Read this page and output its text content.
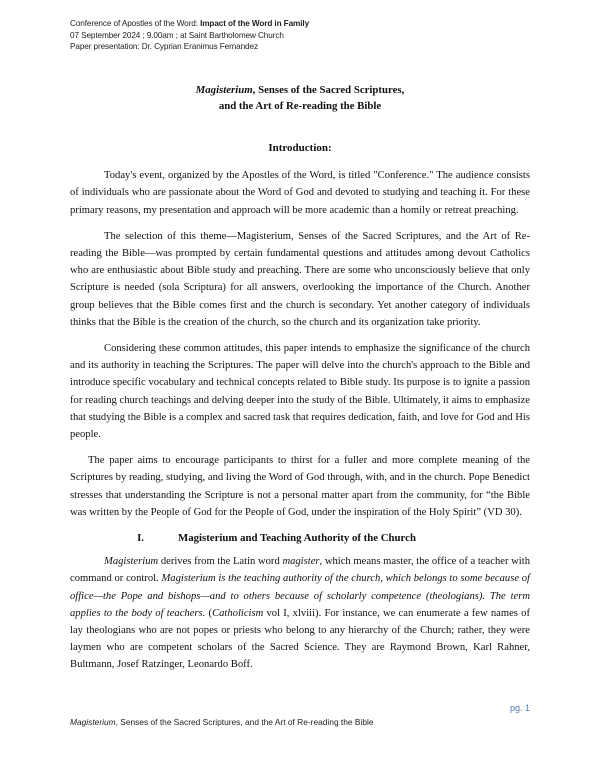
Conference of Apostles of the Word: Impact of the Word in Family
07 September 2024 ; 9.00am ; at Saint Bartholomew Church
Paper presentation: Dr. Cyprian Eranimus Fernandez
Magisterium, Senses of the Sacred Scriptures,
and the Art of Re-reading the Bible
Introduction:

Today's event, organized by the Apostles of the Word, is titled "Conference." The audience consists of individuals who are passionate about the Word of God and devoted to studying and teaching it. For these primary reasons, my presentation and approach will be more academic than a homily or retreat preaching.

The selection of this theme—Magisterium, Senses of the Sacred Scriptures, and the Art of Re-reading the Bible—was prompted by certain fundamental questions and attitudes among devout Catholics who are enthusiastic about Bible study and preaching. There are some who unconsciously believe that only Scripture is needed (sola Scriptura) for all answers, overlooking the importance of the Church. Another group believes that the Bible comes first and the church is secondary. Yet another category of individuals thinks that the Bible is the creation of the church, so the church and its organization take priority.

Considering these common attitudes, this paper intends to emphasize the significance of the church and its authority in teaching the Scriptures. The paper will delve into the church's approach to the Bible and introduce specific vocabulary and technical concepts related to Bible study. Its purpose is to ignite a passion for reading church teachings and delving deeper into the study of the Bible. Ultimately, it aims to emphasize that studying the Bible is a complex and sacred task that requires dedication, faith, and love for God and His people.

The paper aims to encourage participants to thirst for a fuller and more complete meaning of the Scriptures by reading, studying, and living the Word of God through, with, and in the church. Pope Benedict stresses that understanding the Scripture is not a personal matter apart from the community, for “the Bible was written by the People of God for the People of God, under the inspiration of the Holy Spirit” (VD 30).

I.	Magisterium and Teaching Authority of the Church

Magisterium derives from the Latin word magister, which means master, the office of a teacher with command or control. Magisterium is the teaching authority of the church, which belongs to some because of office—the Pope and bishops—and to others because of scholarly competence (theologians). The term applies to the body of teachers. (Catholicism vol I, xlviii). For instance, we can enumerate a few names of lay theologians who are not popes or priests who belong to any hierarchy of the Church; rather, they were laymen who are competent scholars of the Sacred Science. They are Raymond Brown, Karl Rahner, Bultmann, Josef Ratzinger, Leonardo Boff.

pg. 1
Magisterium, Senses of the Sacred Scriptures, and the Art of Re-reading the Bible
